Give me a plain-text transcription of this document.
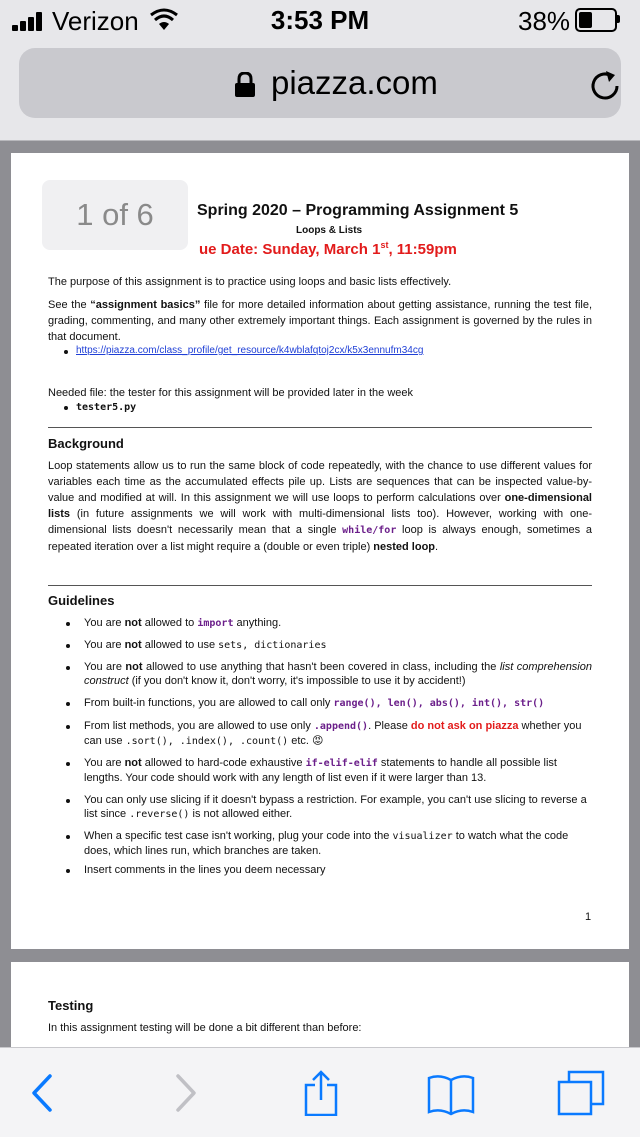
Verizon	3:53 PM	38%
piazza.com
Spring 2020 – Programming Assignment 5
Loops & Lists
ue Date: Sunday, March 1st, 11:59pm
The purpose of this assignment is to practice using loops and basic lists effectively.
See the “assignment basics” file for more detailed information about getting assistance, running the test file, grading, commenting, and many other extremely important things. Each assignment is governed by the rules in that document.
https://piazza.com/class_profile/get_resource/k4wblafqtoj2cx/k5x3ennufm34cg
Needed file: the tester for this assignment will be provided later in the week
tester5.py
Background
Loop statements allow us to run the same block of code repeatedly, with the chance to use different values for variables each time as the accumulated effects pile up. Lists are sequences that can be inspected value-by-value and modified at will. In this assignment we will use loops to perform calculations over one-dimensional lists (in future assignments we will work with multi-dimensional lists too). However, working with one-dimensional lists doesn't necessarily mean that a single while/for loop is always enough, sometimes a repeated iteration over a list might require a (double or even triple) nested loop.
Guidelines
You are not allowed to import anything.
You are not allowed to use sets, dictionaries
You are not allowed to use anything that hasn't been covered in class, including the list comprehension construct (if you don't know it, don't worry, it's impossible to use it by accident!)
From built-in functions, you are allowed to call only range(), len(), abs(), int(), str()
From list methods, you are allowed to use only .append(). Please do not ask on piazza whether you can use .sort(), .index(), .count() etc. 😡
You are not allowed to hard-code exhaustive if-elif-elif statements to handle all possible list lengths. Your code should work with any length of list even if it were larger than 13.
You can only use slicing if it doesn't bypass a restriction. For example, you can't use slicing to reverse a list since .reverse() is not allowed either.
When a specific test case isn't working, plug your code into the visualizer to watch what the code does, which lines run, which branches are taken.
Insert comments in the lines you deem necessary
1
Testing
In this assignment testing will be done a bit different than before:
1 of 6
